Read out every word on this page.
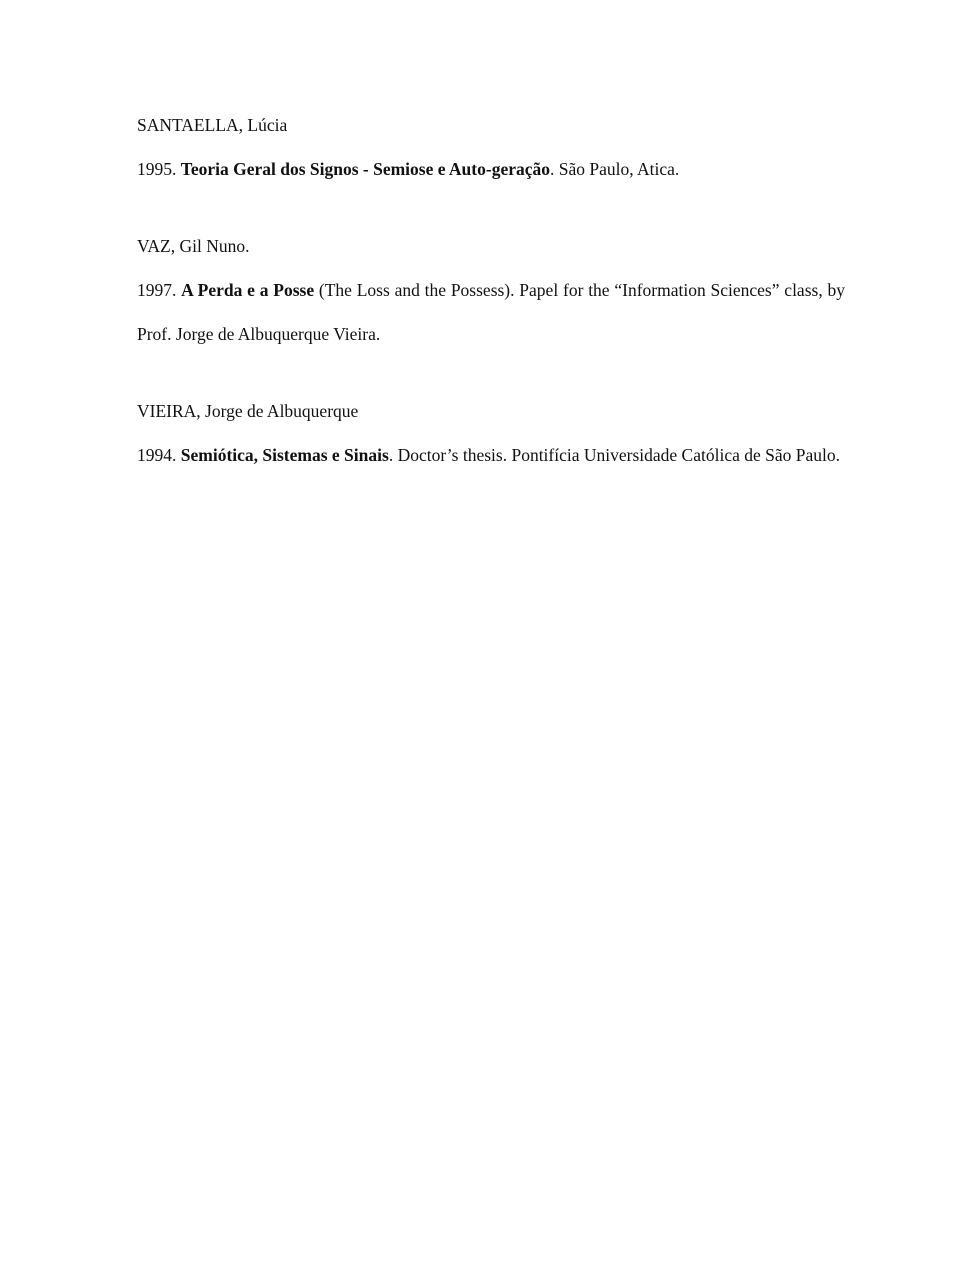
SANTAELLA, Lúcia

1995. Teoria Geral dos Signos - Semiose e Auto-geração. São Paulo, Atica.

VAZ, Gil Nuno.

1997. A Perda e a Posse (The Loss and the Possess). Papel for the “Information Sciences” class, by Prof. Jorge de Albuquerque Vieira.

VIEIRA, Jorge de Albuquerque

1994. Semiótica, Sistemas e Sinais. Doctor’s thesis. Pontifícia Universidade Católica de São Paulo.
